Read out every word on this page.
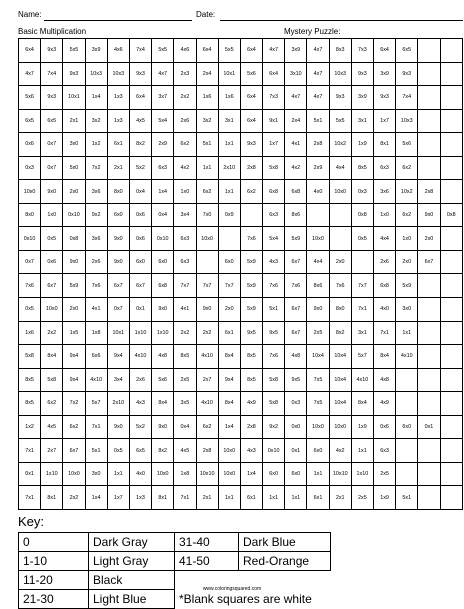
Name:	Date:
Basic Multiplication	Mystery Puzzle:
6x4	9x3	5x5	3x9	4x6	7x4	5x5	4x6	6x4	5x5	6x4	4x7	3x9	4x7	8x3	7x3	6x4	6x5		
4x7	7x4	9x3	10x3	10x3	9x3	4x7	2x3	2x4	10x1	5x6	6x4	3x10	4x7	10x3	9x3	3x9	9x3		
5x6	9x3	10x1	1x4	1x3	6x4	3x7	2x2	1x6	1x6	6x4	7x3	4x7	4x7	9x3	3x9	9x3	7x4		
6x5	6x5	2x1	3x2	1x3	4x5	5x4	2x6	3x2	3x1	6x4	9x1	2x4	5x1	5x5	3x1	1x7	10x3		
0x6	0x7	3x0	1x2	6x1	8x2	2x9	6x2	5x1	1x1	9x3	1x7	4x1	2x8	10x2	1x9	8x1	5x6		
0x3	0x7	5x0	7x2	2x1	5x2	6x3	4x2	1x1	2x10	2x8	5x8	4x2	2x9	4x4	8x5	6x3	6x2		
10x0	9x0	2x0	3x6	8x0	0x4	1x4	1x0	6x2	1x1	6x2	6x8	6x8	4x0	10x0	0x3	3x6	10x2	2x8	
8x0	1x0	0x10	9x2	6x0	0x6	0x4	3x4	7x0	0x9		6x3	8x6			0x8	1x0	6x2	9x0	0x8
0x10	0x5	0x8	3x6	9x0	0x6	0x10	6x3	10x0		7x6	5x4	5x9	10x0		0x5	4x4	1x0	2x0	
0x7	0x6	9x0	2x6	9x0	6x0	6x0	6x3		6x0	5x9	4x3	6x7	4x4	2x0		2x6	2x0	6x7	
7x6	6x7	5x9	7x6	6x7	6x7	6x8	7x7	7x7	7x7	5x9	7x6	7x6	8x6	7x6	7x7	6x8	5x9		
0x5	10x0	2x0	4x1	0x7	0x1	9x0	4x1	9x0	2x0	5x9	5x1	6x7	9x0	8x0	7x1	4x0	3x0		
1x6	2x2	1x5	1x8	10x1	1x10	1x10	2x2	2x2	6x1	9x5	9x5	6x7	2x5	8x2	3x1	7x1	1x1		
5x8	8x4	9x4	6x6	9x4	4x10	4x8	8x5	4x10	8x4	8x5	7x6	4x8	10x4	10x4	5x7	8x4	4x10		
8x5	5x8	9x4	4x10	3x4	2x6	5x6	2x5	2x7	9x4	8x5	5x8	9x5	7x5	10x4	4x10	4x8			
8x5	6x2	7x2	5x7	2x10	4x3	8x4	3x5	4x10	8x4	4x9	5x8	0x3	7x5	10x4	8x4	4x9			
1x2	4x5	6x2	7x1	9x0	5x2	9x0	0x4	6x2	1x4	2x8	9x2	0x0	10x0	10x0	1x9	0x6	6x0	0x1	
7x1	2x7	6x7	5x1	0x5	6x5	8x2	4x5	2x8	10x0	4x3	0x10	0x1	6x0	4x2	1x1	6x3			
0x1	1x10	10x0	3x0	1x1	4x0	10x0	1x8	10x10	10x0	1x4	6x0	6x0	1x1	10x10	1x10	2x5			
7x1	8x1	2x2	1x4	1x7	1x3	8x1	7x1	2x1	1x1	6x1	1x1	1x1	6x1	2x1	2x5	1x9	5x1		
Key:
0	Dark Gray	31-40	Dark Blue
1-10	Light Gray	41-50	Red-Orange
11-20	Black		
21-30	Light Blue	*Blank squares are white	
www.coloringsquared.com
